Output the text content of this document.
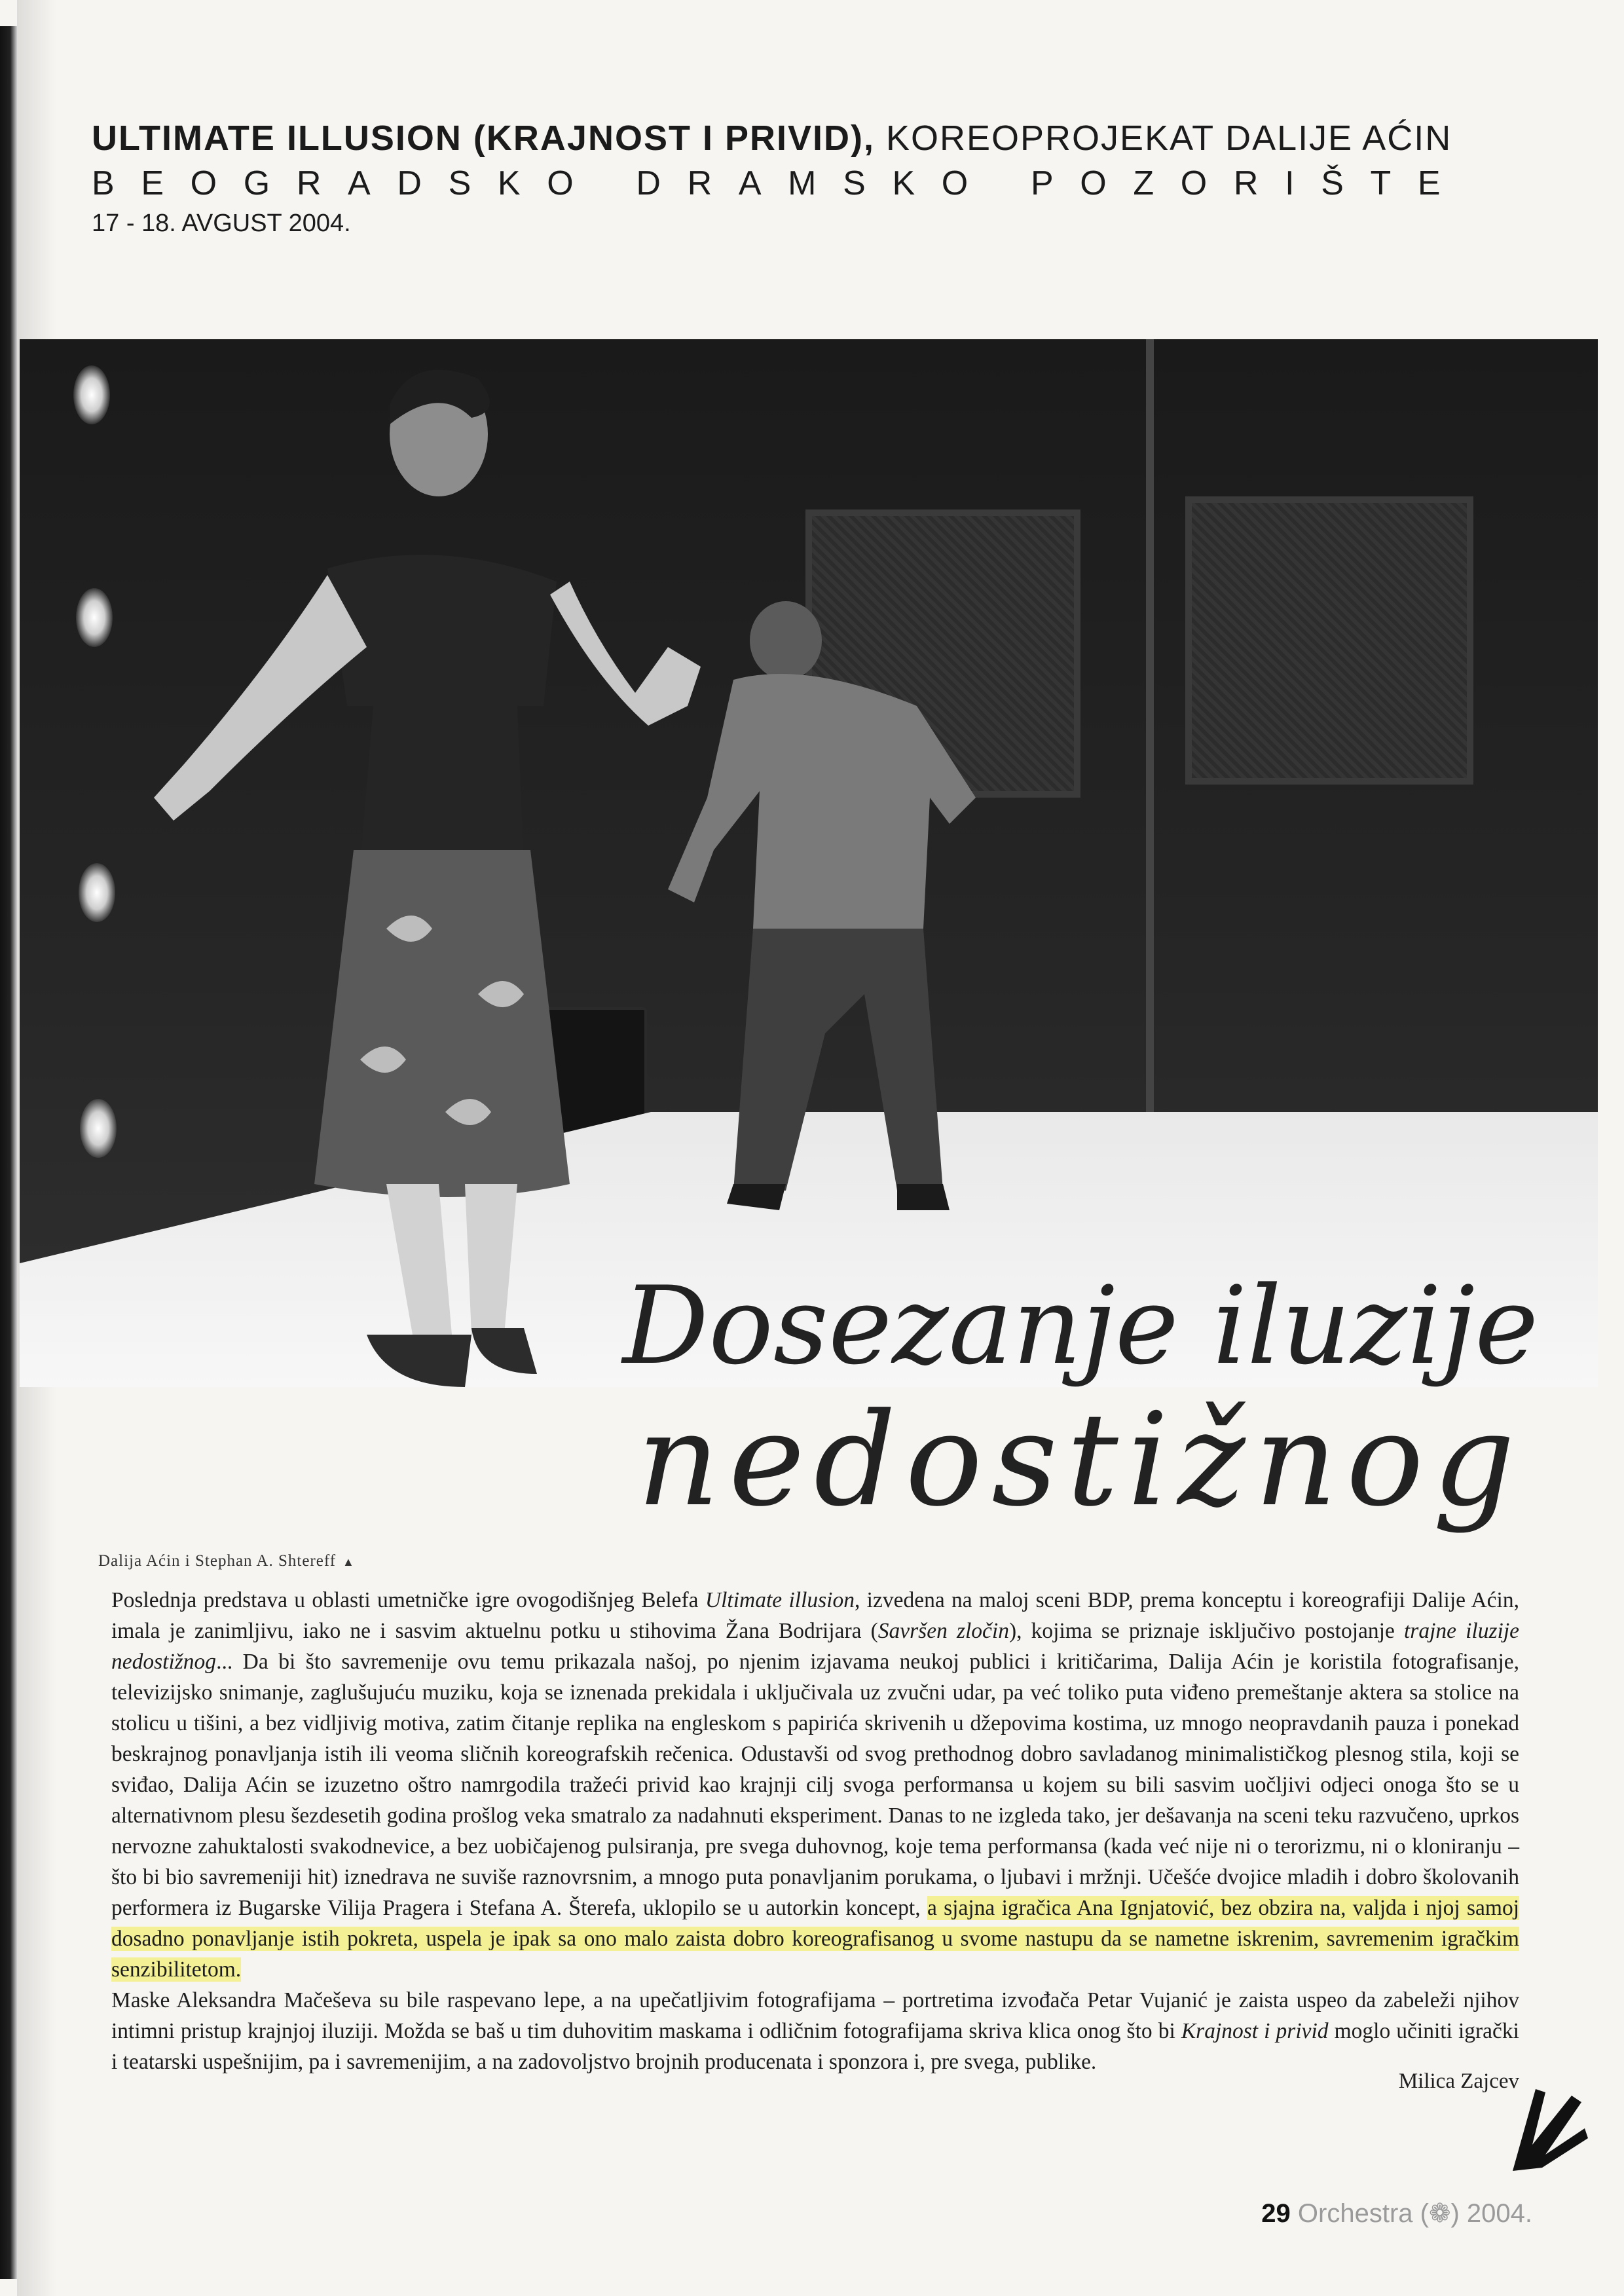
ULTIMATE ILLUSION (KRAJNOST I PRIVID), KOREOPROJEKAT DALIJE AĆIN
B E O G R A D S K O
D R A M S K O
P O Z O R I Š T E
17 - 18. AVGUST 2004.
Dosezanje iluzije
nedostižnog
Dalija Aćin i Stephan A. Shtereff ▲

Poslednja predstava u oblasti umetničke igre ovogodišnjeg Belefa Ultimate illusion, izvedena na maloj sceni BDP, prema konceptu i koreografiji Dalije Aćin, imala je zanimljivu, iako ne i sasvim aktuelnu potku u stihovima Žana Bodrijara (Savršen zločin), kojima se priznaje isključivo postojanje trajne iluzije nedostižnog... Da bi što savremenije ovu temu prikazala našoj, po njenim izjavama neukoj publici i kritičarima, Dalija Aćin je koristila fotografisanje, televizijsko snimanje, zaglušujuću muziku, koja se iznenada prekidala i uključivala uz zvučni udar, pa već toliko puta viđeno premeštanje aktera sa stolice na stolicu u tišini, a bez vidljivig motiva, zatim čitanje replika na engleskom s papirića skrivenih u džepovima kostima, uz mnogo neopravdanih pauza i ponekad beskrajnog ponavljanja istih ili veoma sličnih koreografskih rečenica. Odustavši od svog prethodnog dobro savladanog minimalističkog plesnog stila, koji se sviđao, Dalija Aćin se izuzetno oštro namrgodila tražeći privid kao krajnji cilj svoga performansa u kojem su bili sasvim uočljivi odjeci onoga što se u alternativnom plesu šezdesetih godina prošlog veka smatralo za nadahnuti eksperiment. Danas to ne izgleda tako, jer dešavanja na sceni teku razvučeno, uprkos nervozne zahuktalosti svakodnevice, a bez uobičajenog pulsiranja, pre svega duhovnog, koje tema performansa (kada već nije ni o terorizmu, ni o kloniranju – što bi bio savremeniji hit) iznedrava ne suviše raznovrsnim, a mnogo puta ponavljanim porukama, o ljubavi i mržnji. Učešće dvojice mladih i dobro školovanih performera iz Bugarske Vilija Pragera i Stefana A. Šterefa, uklopilo se u autorkin koncept, a sjajna igračica Ana Ignjatović, bez obzira na, valjda i njoj samoj dosadno ponavljanje istih pokreta, uspela je ipak sa ono malo zaista dobro koreografisanog u svome nastupu da se nametne iskrenim, savremenim igračkim senzibilitetom.

Maske Aleksandra Mačeševa su bile raspevano lepe, a na upečatljivim fotografijama – portretima izvođača Petar Vujanić je zaista uspeo da zabeleži njihov intimni pristup krajnjoj iluziji. Možda se baš u tim duhovitim maskama i odličnim fotografijama skriva klica onog što bi Krajnost i privid moglo učiniti igrački i teatarski uspešnijim, pa i savremenijim, a na zadovoljstvo brojnih producenata i sponzora i, pre svega, publike.

Milica Zajcev
29 Orchestra (❁) 2004.
